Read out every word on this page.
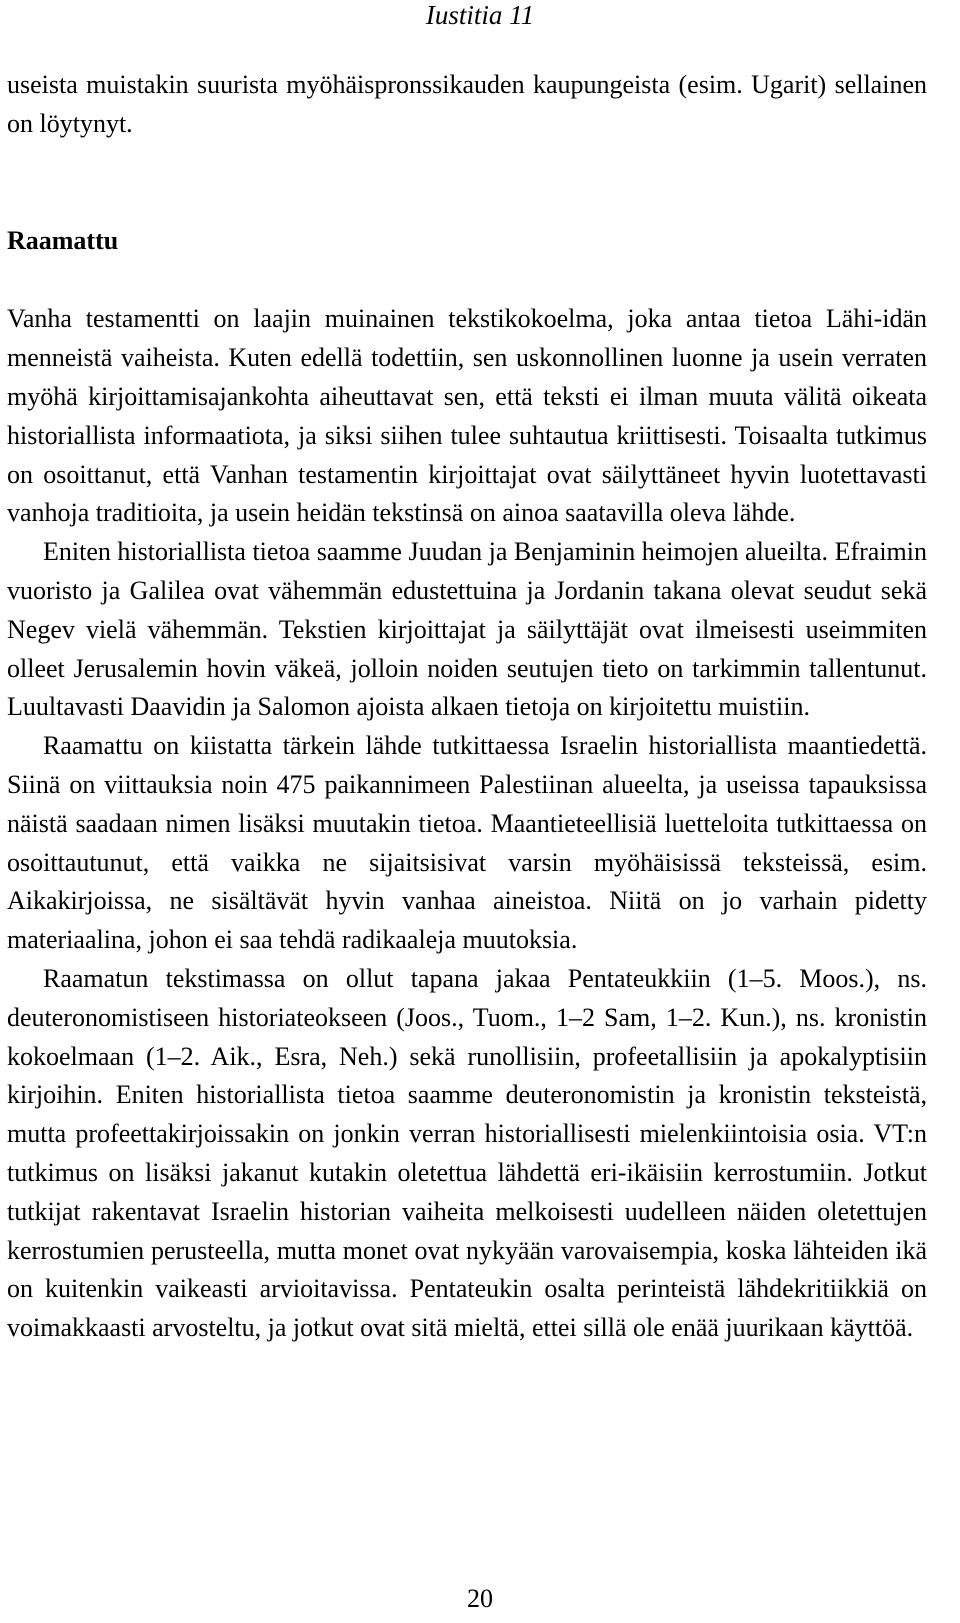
Iustitia 11

useista muistakin suurista myöhäispronssikauden kaupungeista (esim. Ugarit) sellainen on löytynyt.

Raamattu

Vanha testamentti on laajin muinainen tekstikokoelma, joka antaa tietoa Lähi-idän menneistä vaiheista. Kuten edellä todettiin, sen uskonnollinen luonne ja usein verraten myöhä kirjoittamisajankohta aiheuttavat sen, että teksti ei ilman muuta välitä oikeata historiallista informaatiota, ja siksi siihen tulee suhtautua kriittisesti. Toisaalta tutkimus on osoittanut, että Vanhan testamentin kirjoittajat ovat säilyttäneet hyvin luotettavasti vanhoja traditioita, ja usein heidän tekstinsä on ainoa saatavilla oleva lähde.

Eniten historiallista tietoa saamme Juudan ja Benjaminin heimojen alueilta. Efraimin vuoristo ja Galilea ovat vähemmän edustettuina ja Jordanin takana olevat seudut sekä Negev vielä vähemmän. Tekstien kirjoittajat ja säilyttäjät ovat ilmeisesti useimmiten olleet Jerusalemin hovin väkeä, jolloin noiden seutujen tieto on tarkimmin tallentunut. Luultavasti Daavidin ja Salomon ajoista alkaen tietoja on kirjoitettu muistiin.

Raamattu on kiistatta tärkein lähde tutkittaessa Israelin historiallista maantiedettä. Siinä on viittauksia noin 475 paikannimeen Palestiinan alueelta, ja useissa tapauksissa näistä saadaan nimen lisäksi muutakin tietoa. Maantieteellisiä luetteloita tutkittaessa on osoittautunut, että vaikka ne sijaitsisivat varsin myöhäisissä teksteissä, esim. Aikakirjoissa, ne sisältävät hyvin vanhaa aineistoa. Niitä on jo varhain pidetty materiaalina, johon ei saa tehdä radikaaleja muutoksia.

Raamatun tekstimassa on ollut tapana jakaa Pentateukkiin (1–5. Moos.), ns. deuteronomistiseen historiateokseen (Joos., Tuom., 1–2 Sam, 1–2. Kun.), ns. kronistin kokoelmaan (1–2. Aik., Esra, Neh.) sekä runollisiin, profeetallisiin ja apokalyptisiin kirjoihin. Eniten historiallista tietoa saamme deuteronomistin ja kronistin teksteistä, mutta profeettakirjoissakin on jonkin verran historiallisesti mielenkiintoisia osia. VT:n tutkimus on lisäksi jakanut kutakin oletettua lähdettä eri-ikäisiin kerrostumiin. Jotkut tutkijat rakentavat Israelin historian vaiheita melkoisesti uudelleen näiden oletettujen kerrostumien perusteella, mutta monet ovat nykyään varovaisempia, koska lähteiden ikä on kuitenkin vaikeasti arvioitavissa. Pentateukin osalta perinteistä lähdekritiikkiä on voimakkaasti arvosteltu, ja jotkut ovat sitä mieltä, ettei sillä ole enää juurikaan käyttöä.

20
